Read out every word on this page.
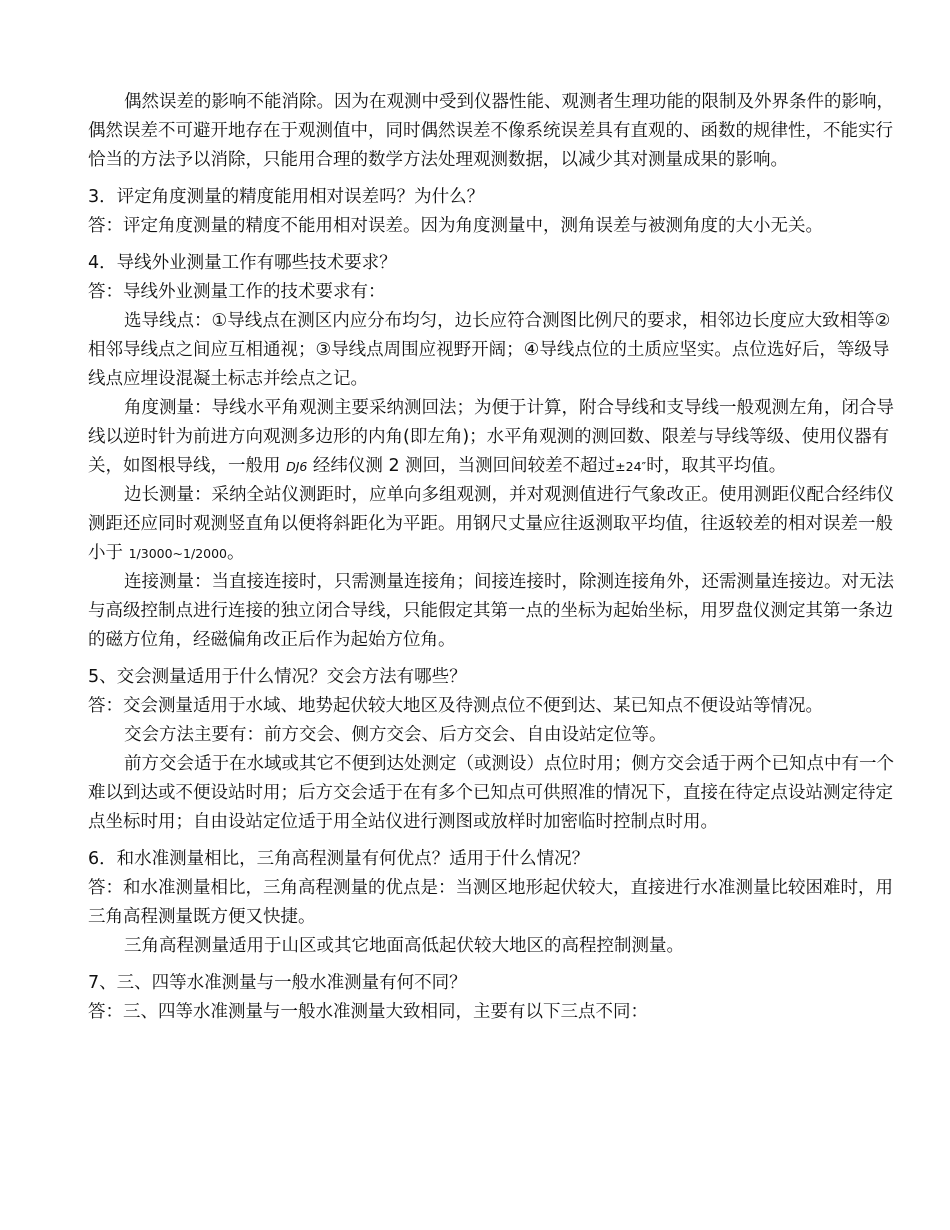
偶然误差的影响不能消除。因为在观测中受到仪器性能、观测者生理功能的限制及外界条件的影响，偶然误差不可避开地存在于观测值中，同时偶然误差不像系统误差具有直观的、函数的规律性，不能实行恰当的方法予以消除，只能用合理的数学方法处理观测数据，以减少其对测量成果的影响。

3．评定角度测量的精度能用相对误差吗？为什么？

答：评定角度测量的精度不能用相对误差。因为角度测量中，测角误差与被测角度的大小无关。

4．导线外业测量工作有哪些技术要求？

答：导线外业测量工作的技术要求有：

选导线点：①导线点在测区内应分布均匀，边长应符合测图比例尺的要求，相邻边长度应大致相等②相邻导线点之间应互相通视；③导线点周围应视野开阔；④导线点位的土质应坚实。点位选好后，等级导线点应埋设混凝土标志并绘点之记。

角度测量：导线水平角观测主要采纳测回法；为便于计算，附合导线和支导线一般观测左角，闭合导线以逆时针为前进方向观测多边形的内角(即左角)；水平角观测的测回数、限差与导线等级、使用仪器有关，如图根导线，一般用 DJ6 经纬仪测 2 测回，当测回间较差不超过±24″时，取其平均值。

边长测量：采纳全站仪测距时，应单向多组观测，并对观测值进行气象改正。使用测距仪配合经纬仪测距还应同时观测竖直角以便将斜距化为平距。用钢尺丈量应往返测取平均值，往返较差的相对误差一般小于 1/3000~1/2000。

连接测量：当直接连接时，只需测量连接角；间接连接时，除测连接角外，还需测量连接边。对无法与高级控制点进行连接的独立闭合导线，只能假定其第一点的坐标为起始坐标，用罗盘仪测定其第一条边的磁方位角，经磁偏角改正后作为起始方位角。

5、交会测量适用于什么情况？交会方法有哪些？

答：交会测量适用于水域、地势起伏较大地区及待测点位不便到达、某已知点不便设站等情况。

交会方法主要有：前方交会、侧方交会、后方交会、自由设站定位等。

前方交会适于在水域或其它不便到达处测定（或测设）点位时用；侧方交会适于两个已知点中有一个难以到达或不便设站时用；后方交会适于在有多个已知点可供照准的情况下，直接在待定点设站测定待定点坐标时用；自由设站定位适于用全站仪进行测图或放样时加密临时控制点时用。

6．和水准测量相比，三角高程测量有何优点？适用于什么情况？

答：和水准测量相比，三角高程测量的优点是：当测区地形起伏较大，直接进行水准测量比较困难时，用三角高程测量既方便又快捷。

三角高程测量适用于山区或其它地面高低起伏较大地区的高程控制测量。

7、三、四等水准测量与一般水准测量有何不同？

答：三、四等水准测量与一般水准测量大致相同，主要有以下三点不同：
